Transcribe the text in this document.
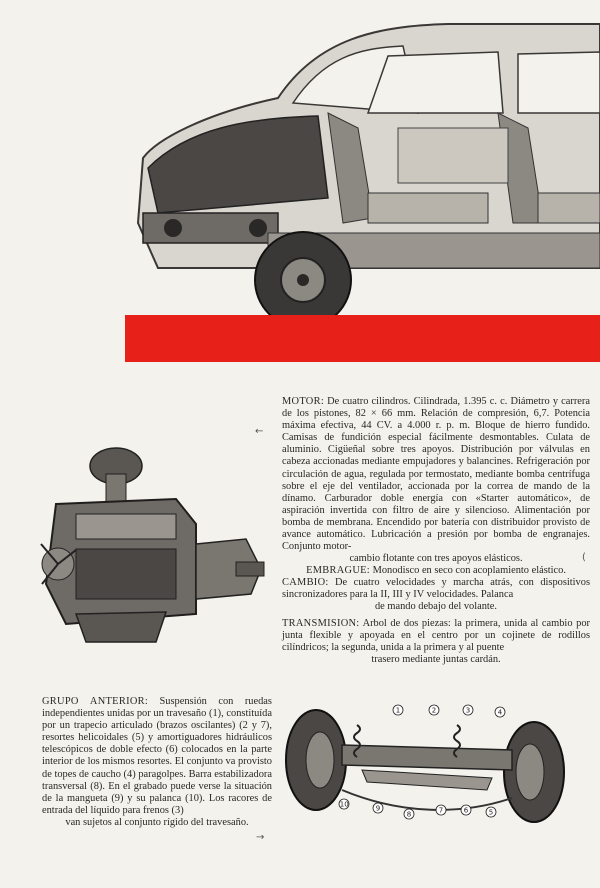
1	2	3	4
5
6
7
8
9
10
MOTOR: De cuatro cilindros. Cilindrada, 1.395 c. c. Diámetro y carrera de los pistones, 82 × 66 mm. Relación de compresión, 6,7. Potencia máxima efectiva, 44 CV. a 4.000 r. p. m. Bloque de hierro fundido. Camisas de fundición especial fácilmente desmontables. Culata de aluminio. Cigüeñal sobre tres apoyos. Distribución por válvulas en cabeza accionadas mediante empujadores y balancines. Refrigeración por circulación de agua, regulada por termostato, mediante bomba centrífuga sobre el eje del ventilador, accionada por la correa de mando de la dínamo. Carburador doble energía con «Starter automático», de aspiración invertida con filtro de aire y silencioso. Alimentación por bomba de membrana. Encendido por batería con distribuidor provisto de avance automático. Lubricación a presión por bomba de engranajes. Conjunto motor-
cambio flotante con tres apoyos elásticos.
EMBRAGUE: Monodisco en seco con acoplamiento elástico.
CAMBIO: De cuatro velocidades y marcha atrás, con dispositivos sincronizadores para la II, III y IV velocidades. Palanca
de mando debajo del volante.
TRANSMISION: Arbol de dos piezas: la primera, unida al cambio por junta flexible y apoyada en el centro por un cojinete de rodillos cilíndricos; la segunda, unida a la primera y al puente
trasero mediante juntas cardán.
GRUPO ANTERIOR: Suspensión con ruedas independientes unidas por un travesaño (1), constituída por un trapecio articulado (brazos oscilantes) (2 y 7), resortes helicoidales (5) y amortiguadores hidráulicos telescópicos de doble efecto (6) colocados en la parte interior de los mismos resortes. El conjunto va provisto de topes de caucho (4) paragolpes. Barra estabilizadora transversal (8). En el grabado puede verse la situación de la mangueta (9) y su palanca (10). Los racores de entrada del líquido para frenos (3)
van sujetos al conjunto rígido del travesaño.
←
(
→
